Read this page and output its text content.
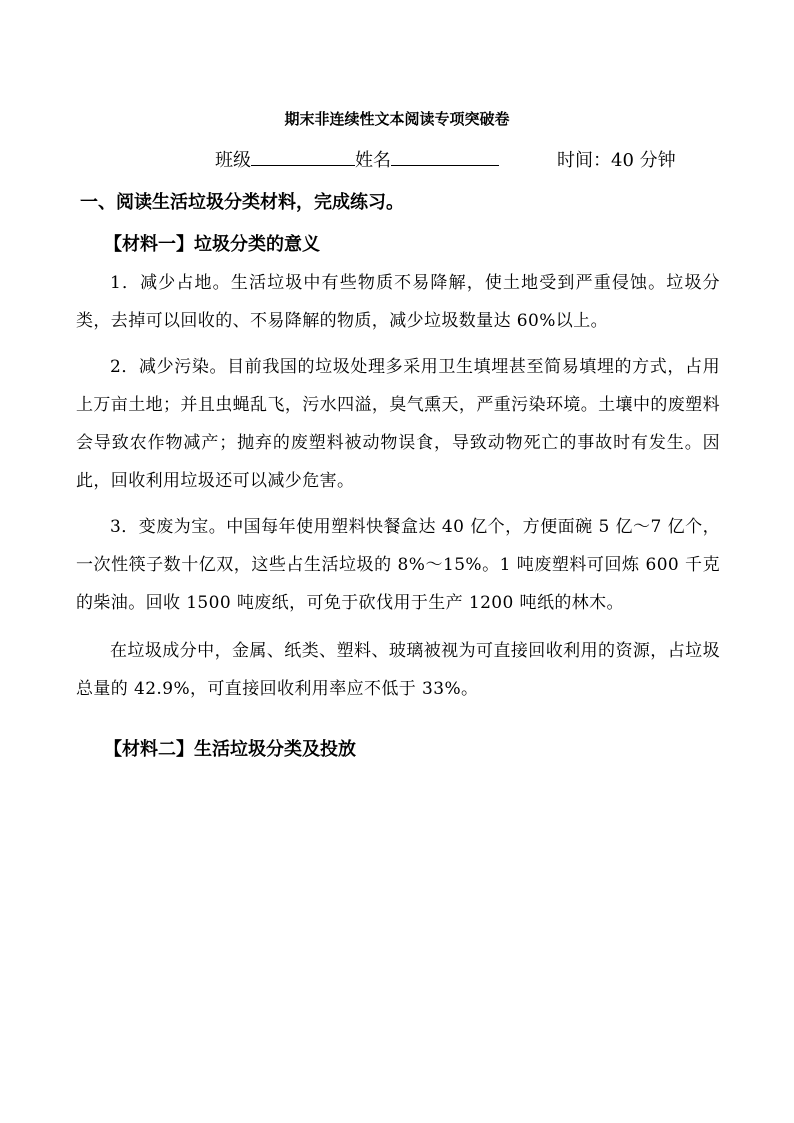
期末非连续性文本阅读专项突破卷
班级	姓名	时间：40 分钟
一、阅读生活垃圾分类材料，完成练习。
【材料一】垃圾分类的意义
1．减少占地。生活垃圾中有些物质不易降解，使土地受到严重侵蚀。垃圾分类，去掉可以回收的、不易降解的物质，减少垃圾数量达 60%以上。
2．减少污染。目前我国的垃圾处理多采用卫生填埋甚至简易填埋的方式，占用上万亩土地；并且虫蝇乱飞，污水四溢，臭气熏天，严重污染环境。土壤中的废塑料会导致农作物减产；抛弃的废塑料被动物误食，导致动物死亡的事故时有发生。因此，回收利用垃圾还可以减少危害。
3．变废为宝。中国每年使用塑料快餐盒达 40 亿个，方便面碗 5 亿～7 亿个，一次性筷子数十亿双，这些占生活垃圾的 8%～15%。1 吨废塑料可回炼 600 千克的柴油。回收 1500 吨废纸，可免于砍伐用于生产 1200 吨纸的林木。
在垃圾成分中，金属、纸类、塑料、玻璃被视为可直接回收利用的资源，占垃圾总量的 42.9%，可直接回收利用率应不低于 33%。
【材料二】生活垃圾分类及投放
